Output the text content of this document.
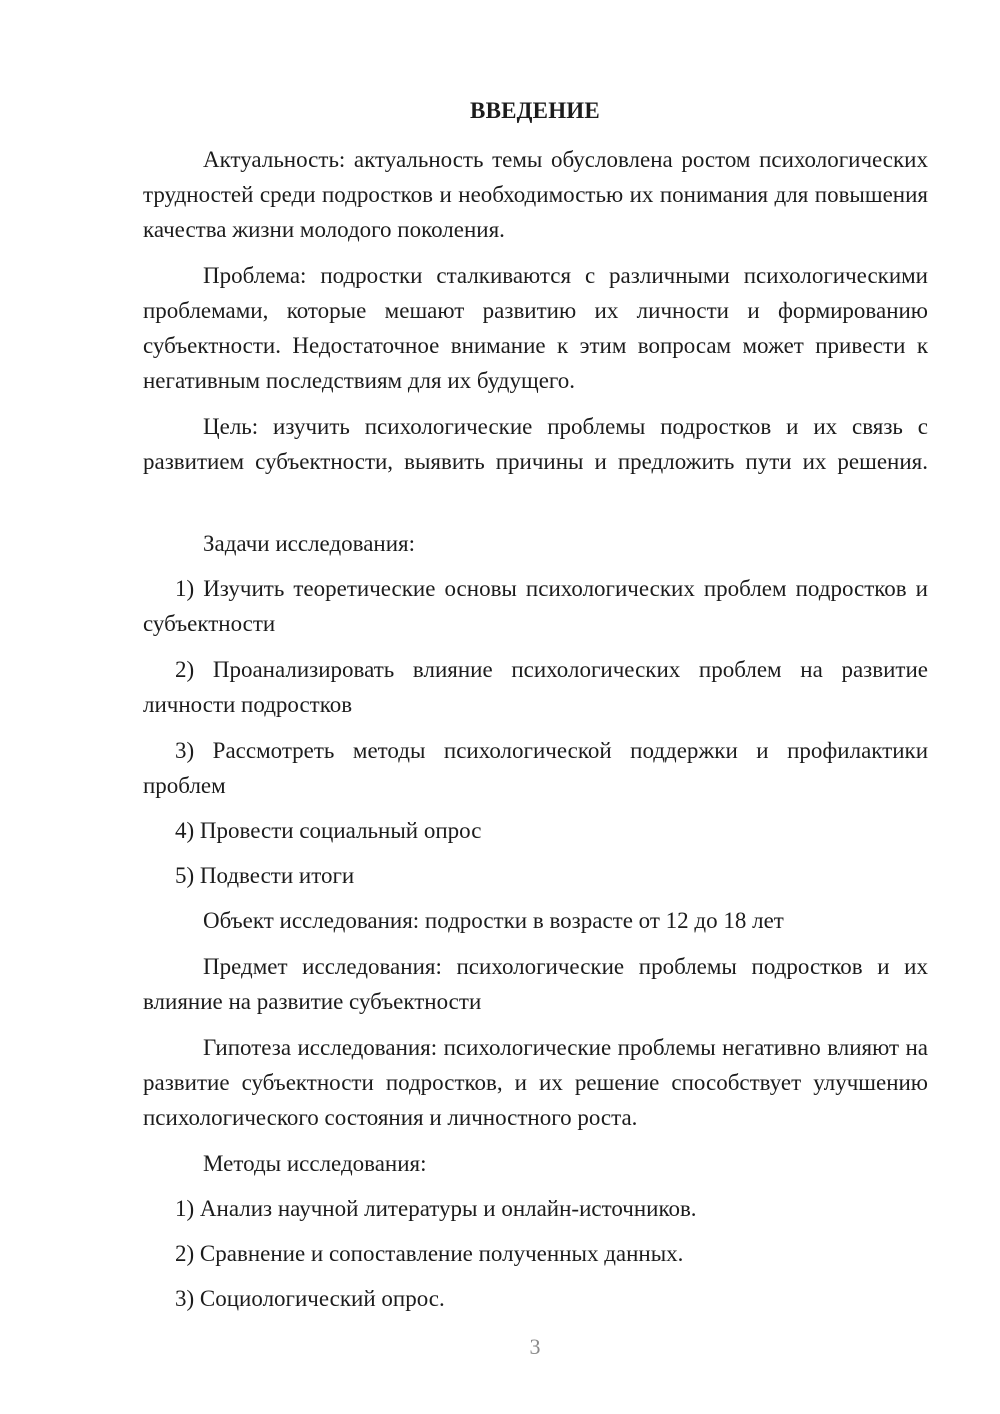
ВВЕДЕНИЕ

Актуальность: актуальность темы обусловлена ростом психологических трудностей среди подростков и необходимостью их понимания для повышения качества жизни молодого поколения.

Проблема: подростки сталкиваются с различными психологическими проблемами, которые мешают развитию их личности и формированию субъектности. Недостаточное внимание к этим вопросам может привести к негативным последствиям для их будущего.

Цель: изучить психологические проблемы подростков и их связь с развитием субъектности, выявить причины и предложить пути их решения.

Задачи исследования:

1) Изучить теоретические основы психологических проблем подростков и субъектности

2) Проанализировать влияние психологических проблем на развитие личности подростков

3) Рассмотреть методы психологической поддержки и профилактики проблем

4) Провести социальный опрос

5) Подвести итоги

Объект исследования: подростки в возрасте от 12 до 18 лет

Предмет исследования: психологические проблемы подростков и их влияние на развитие субъектности

Гипотеза исследования: психологические проблемы негативно влияют на развитие субъектности подростков, и их решение способствует улучшению психологического состояния и личностного роста.

Методы исследования:

1) Анализ научной литературы и онлайн-источников.

2) Сравнение и сопоставление полученных данных.

3) Социологический опрос.

3
